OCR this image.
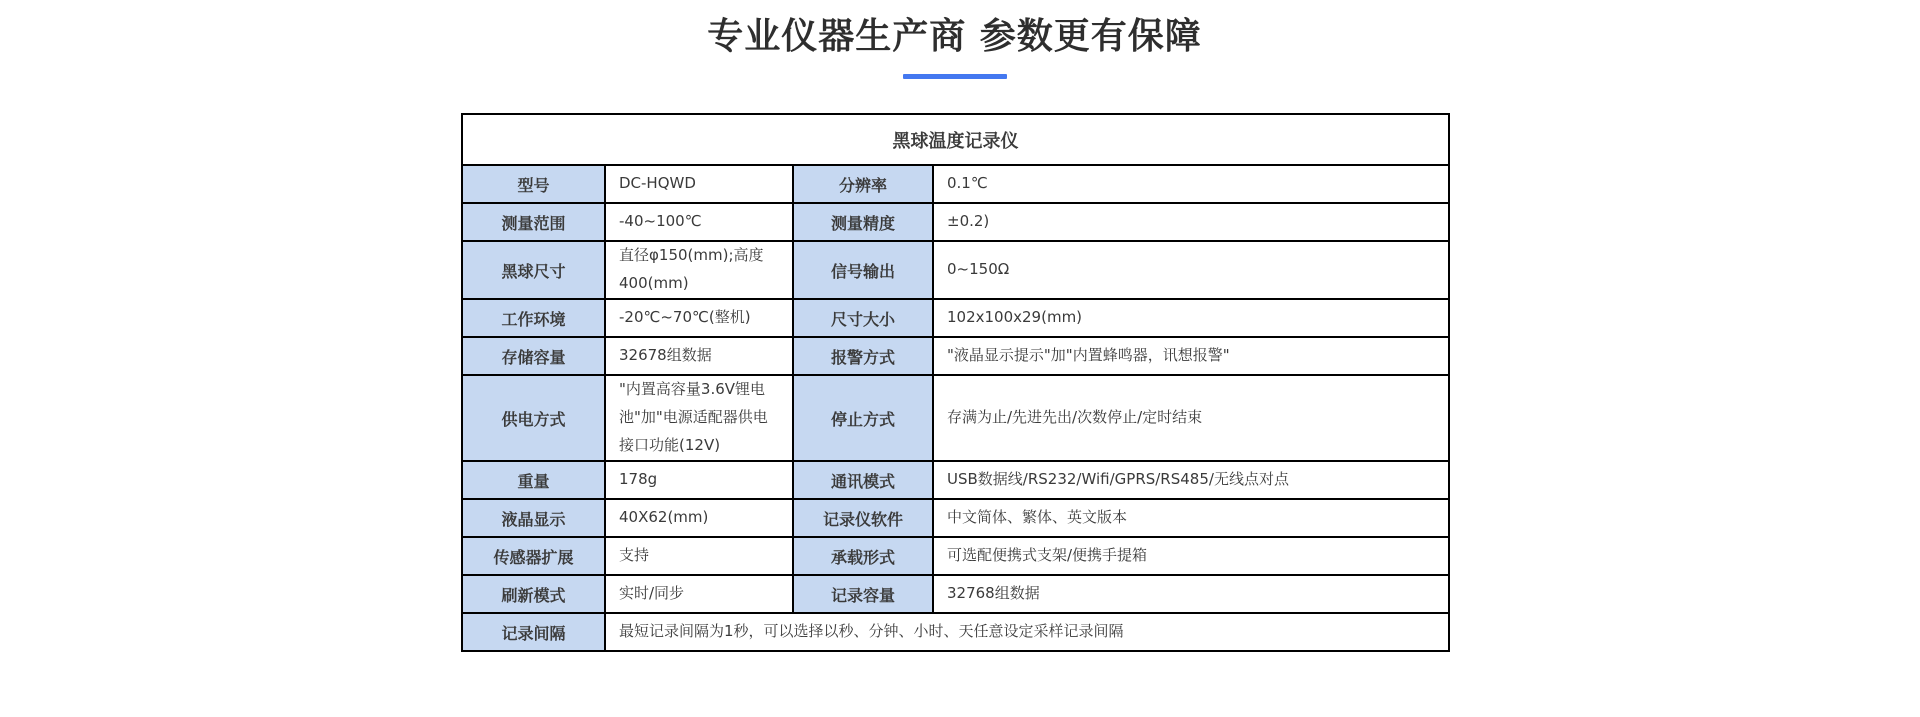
专业仪器生产商 参数更有保障
黑球温度记录仪			
型号	DC-HQWD	分辨率	0.1℃
测量范围	-40~100℃	测量精度	±0.2)
黑球尺寸	直径φ150(mm);高度400(mm)	信号输出	0~150Ω
工作环境	-20℃~70℃(整机)	尺寸大小	102x100x29(mm)
存储容量	32678组数据	报警方式	"液晶显示提示"加"内置蜂鸣器，讯想报警"
供电方式	"内置高容量3.6V锂电池"加"电源适配器供电接口功能(12V)	停止方式	存满为止/先进先出/次数停止/定时结束
重量	178g	通讯模式	USB数据线/RS232/Wifi/GPRS/RS485/无线点对点
液晶显示	40X62(mm)	记录仪软件	中文简体、繁体、英文版本
传感器扩展	支持	承载形式	可选配便携式支架/便携手提箱
刷新模式	实时/同步	记录容量	32768组数据
记录间隔	最短记录间隔为1秒，可以选择以秒、分钟、小时、天任意设定采样记录间隔		
